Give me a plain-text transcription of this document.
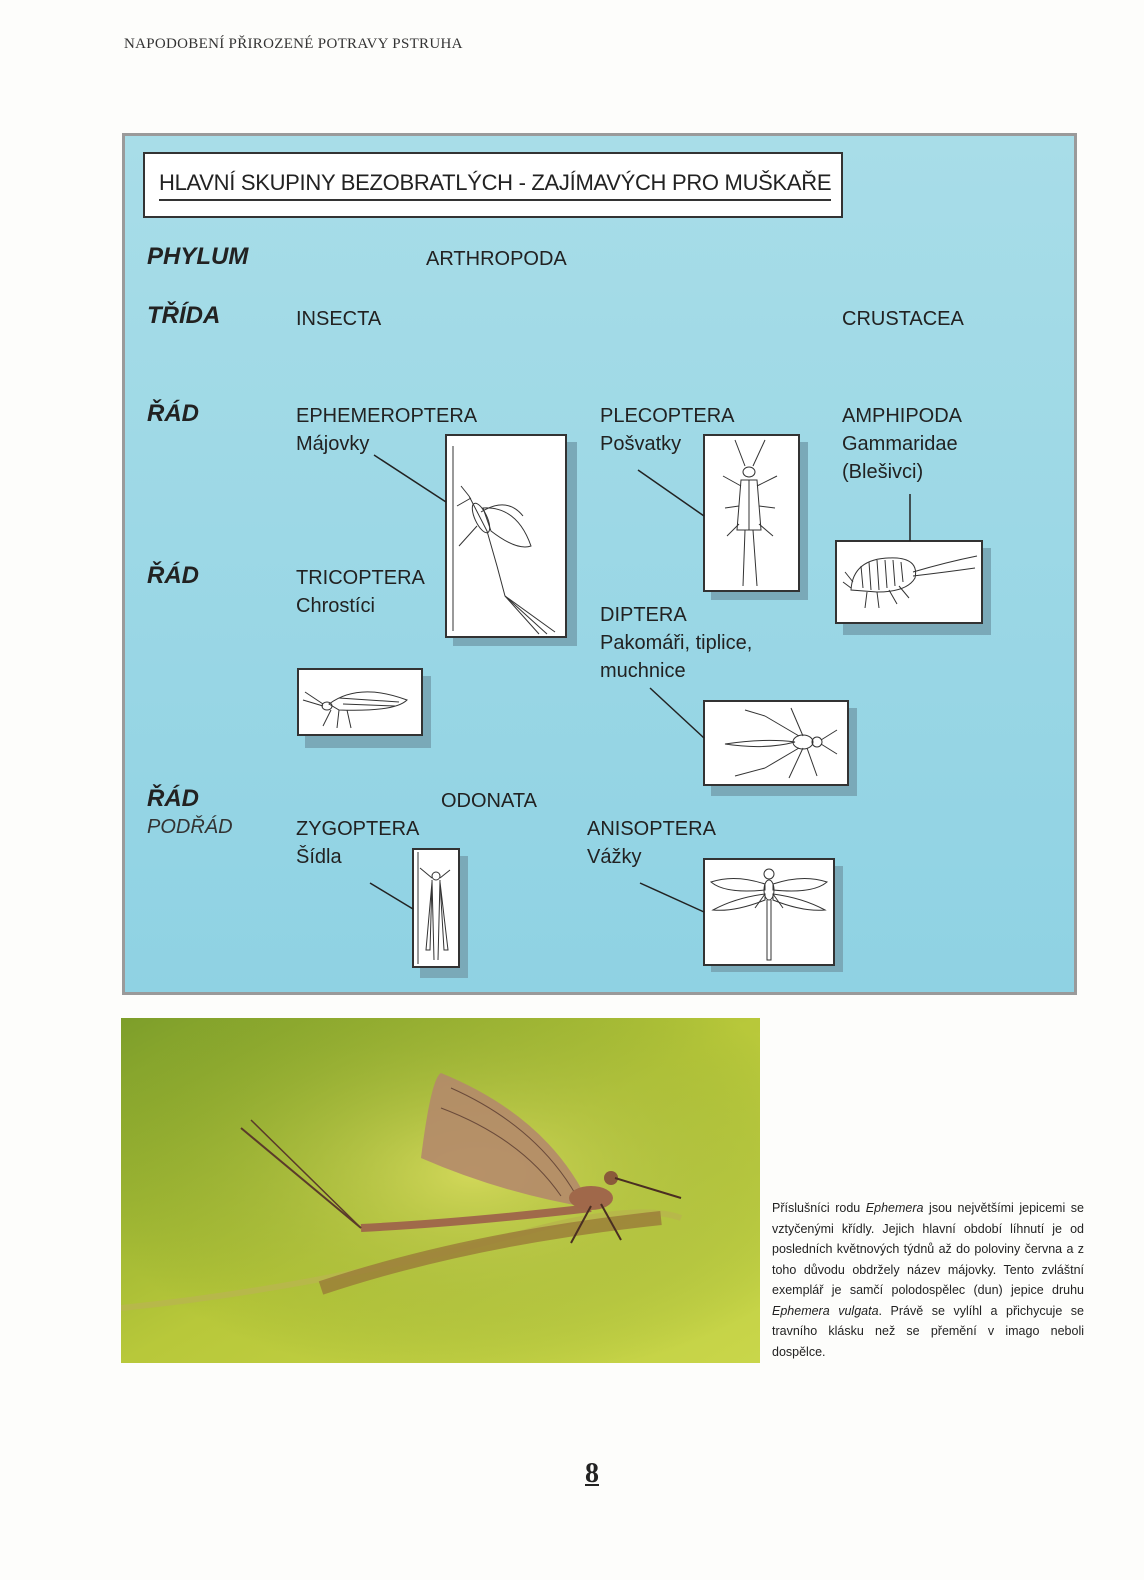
NAPODOBENÍ PŘIROZENÉ POTRAVY PSTRUHA
HLAVNÍ SKUPINY BEZOBRATLÝCH - ZAJÍMAVÝCH PRO MUŠKAŘE
PHYLUM
TŘÍDA
ŘÁD
ŘÁD
ŘÁD
PODŘÁD
ARTHROPODA
INSECTA	CRUSTACEA
EPHEMEROPTERA
Májovky
PLECOPTERA
Pošvatky
AMPHIPODA
Gammaridae
(Blešivci)
TRICOPTERA
Chrostíci	DIPTERA
Pakomáři, tiplice,
muchnice
ODONATA
ZYGOPTERA
Šídla
ANISOPTERA
Vážky
Příslušníci rodu Ephemera jsou největšími jepicemi se vztyčenými křídly. Jejich hlavní období líhnutí je od posledních květnových týdnů až do poloviny června a z toho důvodu obdržely název májovky. Tento zvláštní exemplář je samčí polodospělec (dun) jepice druhu Ephemera vulgata. Právě se vylíhl a přichycuje se travního klásku než se přemění v imago neboli dospělce.
8
